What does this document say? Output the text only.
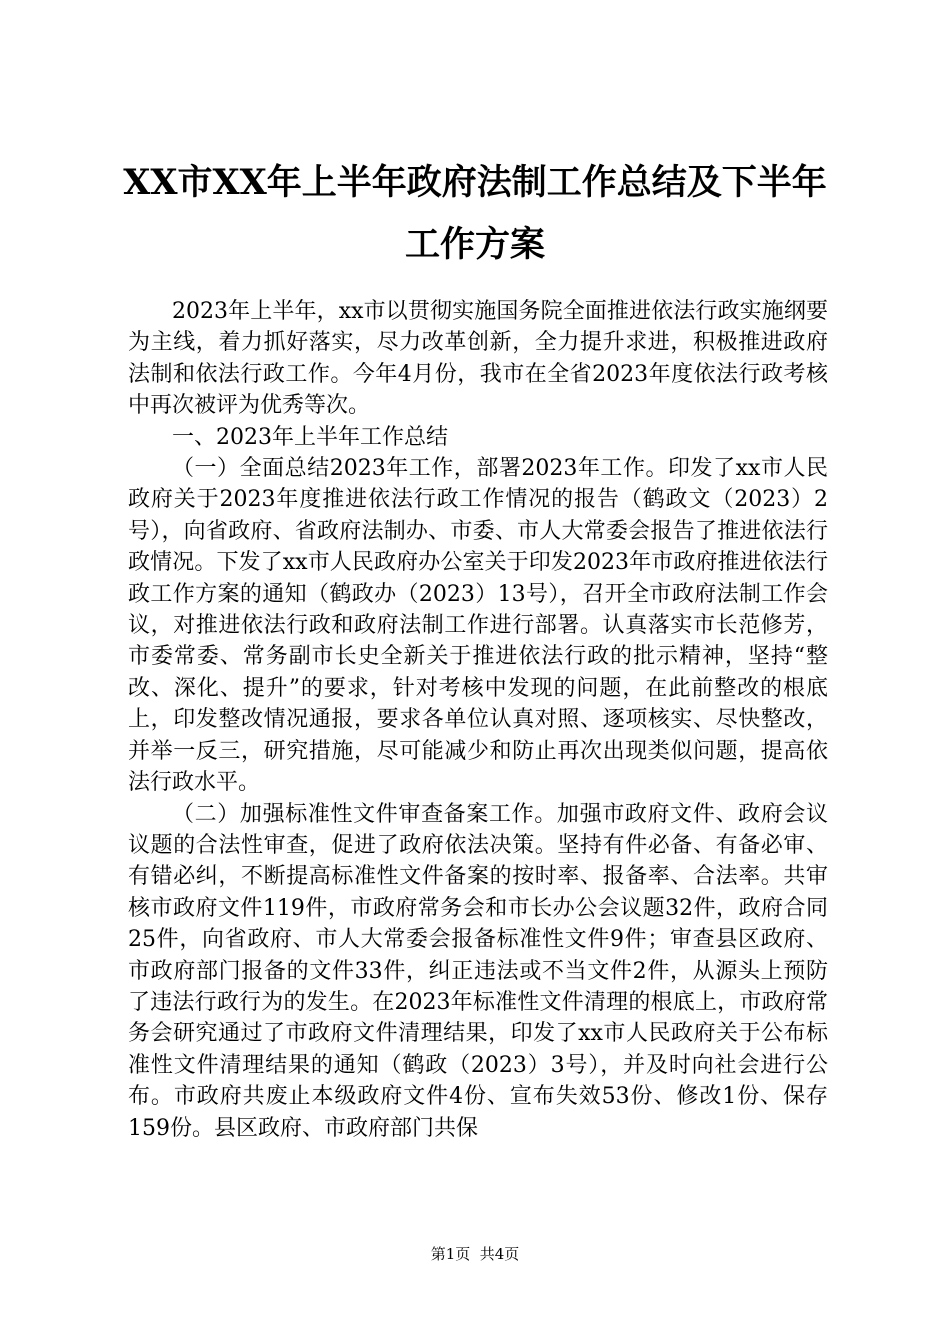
XX市XX年上半年政府法制工作总结及下半年
工作方案

2023年上半年，xx市以贯彻实施国务院全面推进依法行政实施纲要为主线，着力抓好落实，尽力改革创新，全力提升求进，积极推进政府法制和依法行政工作。今年4月份，我市在全省2023年度依法行政考核中再次被评为优秀等次。

一、2023年上半年工作总结

（一）全面总结2023年工作，部署2023年工作。印发了xx市人民政府关于2023年度推进依法行政工作情况的报告（鹤政文（2023）2号），向省政府、省政府法制办、市委、市人大常委会报告了推进依法行政情况。下发了xx市人民政府办公室关于印发2023年市政府推进依法行政工作方案的通知（鹤政办（2023）13号），召开全市政府法制工作会议，对推进依法行政和政府法制工作进行部署。认真落实市长范修芳，市委常委、常务副市长史全新关于推进依法行政的批示精神，坚持“整改、深化、提升”的要求，针对考核中发现的问题，在此前整改的根底上，印发整改情况通报，要求各单位认真对照、逐项核实、尽快整改，并举一反三，研究措施，尽可能减少和防止再次出现类似问题，提高依法行政水平。

（二）加强标准性文件审查备案工作。加强市政府文件、政府会议议题的合法性审查，促进了政府依法决策。坚持有件必备、有备必审、有错必纠，不断提高标准性文件备案的按时率、报备率、合法率。共审核市政府文件119件，市政府常务会和市长办公会议题32件，政府合同25件，向省政府、市人大常委会报备标准性文件9件；审查县区政府、市政府部门报备的文件33件，纠正违法或不当文件2件，从源头上预防了违法行政行为的发生。在2023年标准性文件清理的根底上，市政府常务会研究通过了市政府文件清理结果，印发了xx市人民政府关于公布标准性文件清理结果的通知（鹤政（2023）3号），并及时向社会进行公布。市政府共废止本级政府文件4份、宣布失效53份、修改1份、保存159份。县区政府、市政府部门共保

第1页  共4页
